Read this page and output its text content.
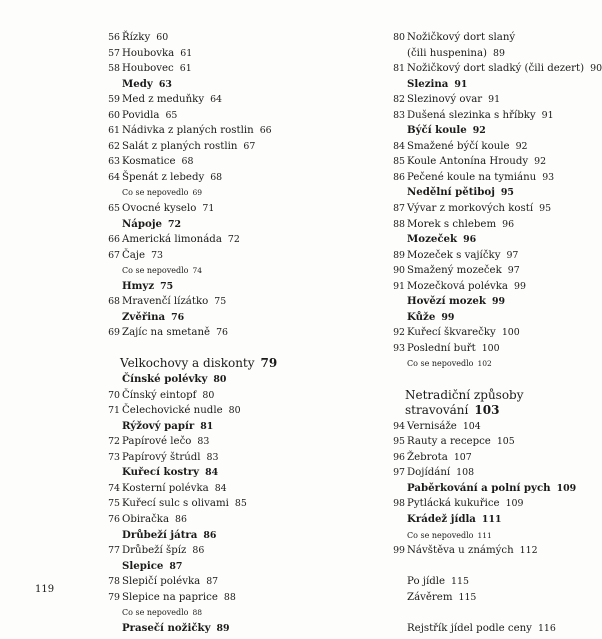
56 Řízky 60
57 Houbovka 61
58 Houbovec 61
Medy 63
59 Med z meduňky 64
60 Povidla 65
61 Nádivka z planých rostlin 66
62 Salát z planých rostlin 67
63 Kosmatice 68
64 Špenát z lebedy 68
Co se nepovedlo 69
65 Ovocné kyselo 71
Nápoje 72
66 Americká limonáda 72
67 Čaje 73
Co se nepovedlo 74
Hmyz 75
68 Mravenčí lízátko 75
Zvěřina 76
69 Zajíc na smetaně 76
Velkochovy a diskonty 79
Čínské polévky 80
70 Čínský eintopf 80
71 Čelechovické nudle 80
Rýžový papír 81
72 Papírové lečo 83
73 Papírový štrúdl 83
Kuřecí kostry 84
74 Kosterní polévka 84
75 Kuřecí sulc s olivami 85
76 Obiračka 86
Drůbeží játra 86
77 Drůbeží špíz 86
Slepice 87
78 Slepičí polévka 87
79 Slepice na paprice 88
Co se nepovedlo 88
Prasečí nožičky 89
80 Nožičkový dort slaný
(čili huspenina) 89
81 Nožičkový dort sladký (čili dezert) 90
Slezina 91
82 Slezinový ovar 91
83 Dušená slezinka s hříbky 91
Býčí koule 92
84 Smažené býčí koule 92
85 Koule Antonína Hroudy 92
86 Pečené koule na tymiánu 93
Nedělní pětiboj 95
87 Vývar z morkových kostí 95
88 Morek s chlebem 96
Mozeček 96
89 Mozeček s vajíčky 97
90 Smažený mozeček 97
91 Mozečková polévka 99
Hovězí mozek 99
Kůže 99
92 Kuřecí škvarečky 100
93 Poslední buřt 100
Co se nepovedlo 102
Netradiční způsoby
stravování 103
94 Vernisáže 104
95 Rauty a recepce 105
96 Žebrota 107
97 Dojídání 108
Paběrkování a polní pych 109
98 Pytlácká kukuřice 109
Krádež jídla 111
Co se nepovedlo 111
99 Návštěva u známých 112
Po jídle 115
Závěrem 115
Rejstřík jídel podle ceny 116
119
